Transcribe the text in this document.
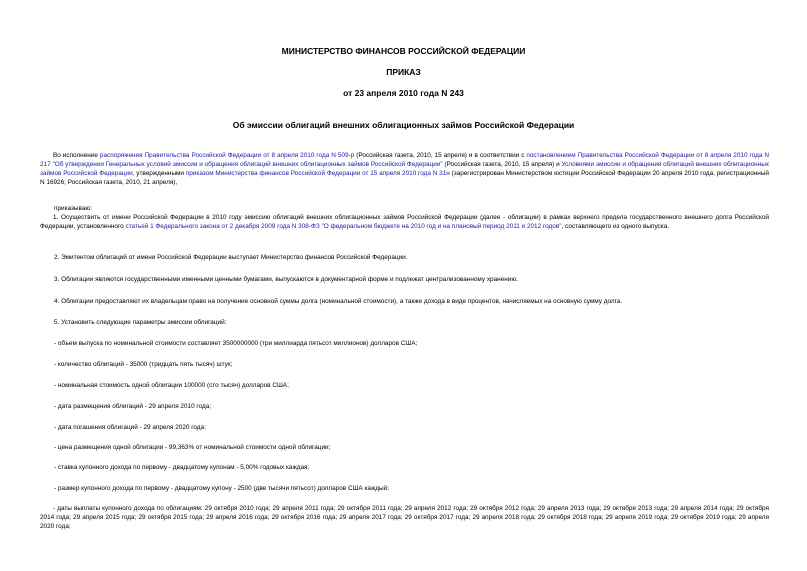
МИНИСТЕРСТВО ФИНАНСОВ РОССИЙСКОЙ ФЕДЕРАЦИИ
ПРИКАЗ
от 23 апреля 2010 года N 243
Об эмиссии облигаций внешних облигационных займов Российской Федерации
Во исполнение распоряжения Правительства Российской Федерации от 8 апреля 2010 года N 509-р (Российская газета, 2010, 15 апреля) и в соответствии с постановлением Правительства Российской Федерации от 8 апреля 2010 года N 217 "Об утверждении Генеральных условий эмиссии и обращения облигаций внешних облигационных займов Российской Федерации" (Российская газета, 2010, 15 апреля) и Условиями эмиссии и обращения облигаций внешних облигационных займов Российской Федерации, утвержденными приказом Министерства финансов Российской Федерации от 15 апреля 2010 года N 31н (зарегистрирован Министерством юстиции Российской Федерации 20 апреля 2010 года, регистрационный N 16926; Российская газета, 2010, 21 апреля),
приказываю:
1. Осуществить от имени Российской Федерации в 2010 году эмиссию облигаций внешних облигационных займов Российской Федерации (далее - облигации) в рамках верхнего предела государственного внешнего долга Российской Федерации, установленного статьей 1 Федерального закона от 2 декабря 2009 года N 308-ФЗ "О федеральном бюджете на 2010 год и на плановый период 2011 и 2012 годов", составляющего из одного выпуска.
2. Эмитентом облигаций от имени Российской Федерации выступает Министерство финансов Российской Федерации.
3. Облигации являются государственными именными ценными бумагами, выпускаются в документарной форме и подлежат централизованному хранению.
4. Облигации предоставляют их владельцам право на получение основной суммы долга (номинальной стоимости), а также дохода в виде процентов, начисляемых на основную сумму долга.
5. Установить следующие параметры эмиссии облигаций:
- объем выпуска по номинальной стоимости составляет 3500000000 (три миллиарда пятьсот миллионов) долларов США;
- количество облигаций - 35000 (тридцать пять тысяч) штук;
- номинальная стоимость одной облигации 100000 (сто тысяч) долларов США;
- дата размещения облигаций - 29 апреля 2010 года;
- дата погашения облигаций - 29 апреля 2020 года;
- цена размещения одной облигации - 99,363% от номинальной стоимости одной облигации;
- ставка купонного дохода по первому - двадцатому купонам - 5,00% годовых каждая;
- размер купонного дохода по первому - двадцатому купону - 2500 (две тысячи пятьсот) долларов США каждый;
- даты выплаты купонного дохода по облигациям: 29 октября 2010 года; 29 апреля 2011 года; 29 октября 2011 года; 29 апреля 2012 года; 29 октября 2012 года; 29 апреля 2013 года; 29 октября 2013 года; 29 апреля 2014 года; 29 октября 2014 года; 29 апреля 2015 года; 29 октября 2015 года; 29 апреля 2016 года; 29 октября 2016 года; 29 апреля 2017 года; 29 октября 2017 года; 29 апреля 2018 года; 29 октября 2018 года; 29 апреля 2019 года; 29 октября 2019 года; 29 апреля 2020 года;
